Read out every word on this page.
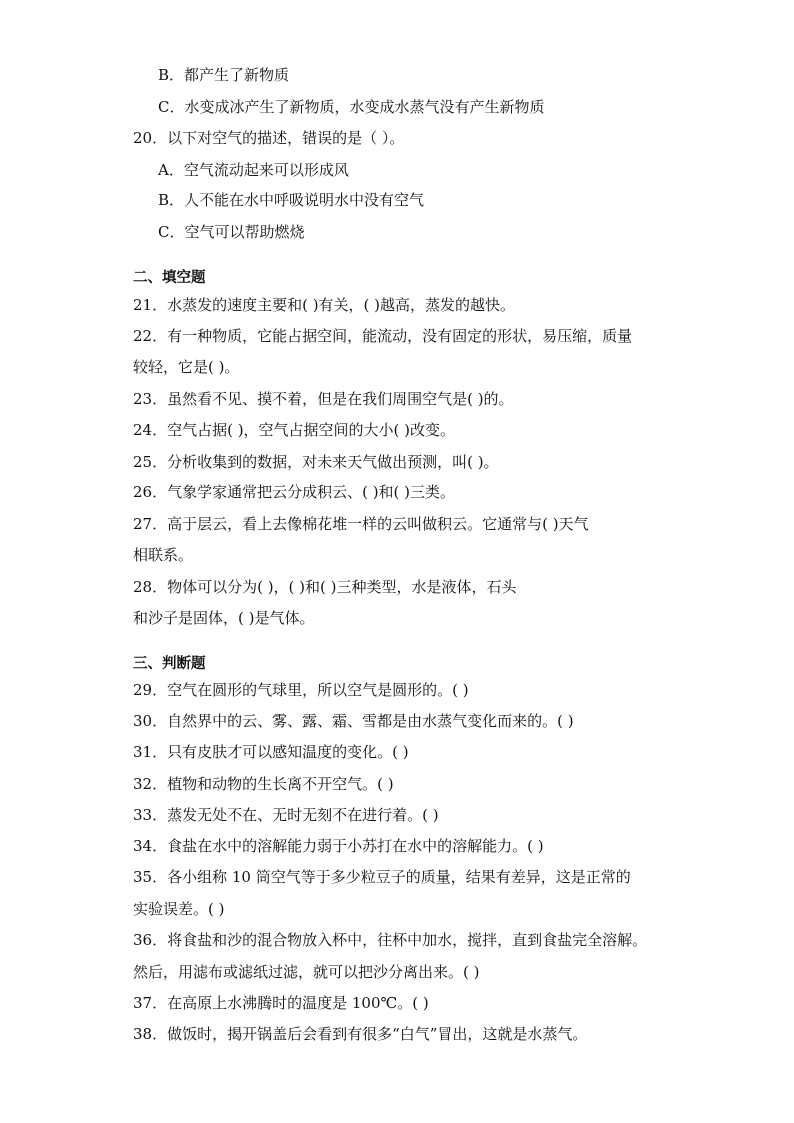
B．都产生了新物质
C．水变成冰产生了新物质，水变成水蒸气没有产生新物质
20．以下对空气的描述，错误的是（ ）。
A．空气流动起来可以形成风
B．人不能在水中呼吸说明水中没有空气
C．空气可以帮助燃烧
二、填空题
21．水蒸发的速度主要和( )有关，( )越高，蒸发的越快。
22．有一种物质，它能占据空间，能流动，没有固定的形状，易压缩，质量
较轻，它是( )。
23．虽然看不见、摸不着，但是在我们周围空气是( )的。
24．空气占据( )，空气占据空间的大小( )改变。
25．分析收集到的数据，对未来天气做出预测，叫( )。
26．气象学家通常把云分成积云、( )和( )三类。
27．高于层云，看上去像棉花堆一样的云叫做积云。它通常与( )天气
相联系。
28．物体可以分为( )，( )和( )三种类型，水是液体，石头
和沙子是固体，( )是气体。
三、判断题
29．空气在圆形的气球里，所以空气是圆形的。( )
30．自然界中的云、雾、露、霜、雪都是由水蒸气变化而来的。( )
31．只有皮肤才可以感知温度的变化。( )
32．植物和动物的生长离不开空气。( )
33．蒸发无处不在、无时无刻不在进行着。( )
34．食盐在水中的溶解能力弱于小苏打在水中的溶解能力。( )
35．各小组称 10 筒空气等于多少粒豆子的质量，结果有差异，这是正常的
实验误差。( )
36．将食盐和沙的混合物放入杯中，往杯中加水，搅拌，直到食盐完全溶解。
然后，用滤布或滤纸过滤，就可以把沙分离出来。( )
37．在高原上水沸腾时的温度是 100℃。( )
38．做饭时，揭开锅盖后会看到有很多“白气”冒出，这就是水蒸气。
